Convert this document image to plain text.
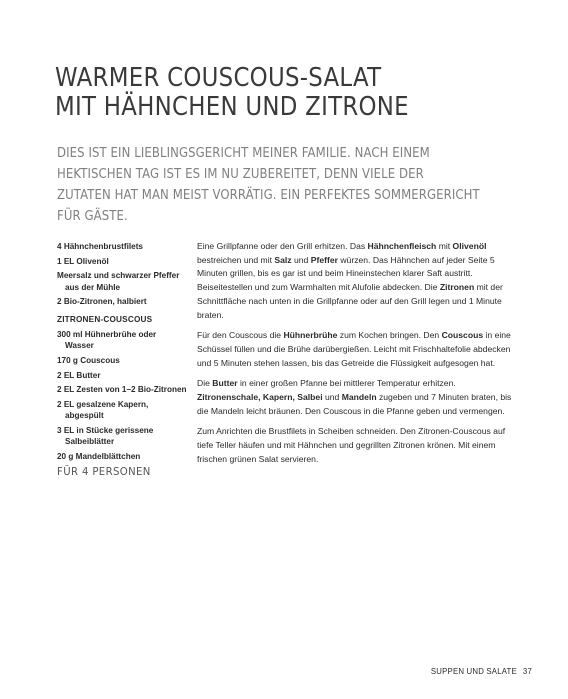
WARMER COUSCOUS-SALAT
MIT HÄHNCHEN UND ZITRONE

DIES IST EIN LIEBLINGSGERICHT MEINER FAMILIE. NACH EINEM
HEKTISCHEN TAG IST ES IM NU ZUBEREITET, DENN VIELE DER
ZUTATEN HAT MAN MEIST VORRÄTIG. EIN PERFEKTES SOMMERGERICHT
FÜR GÄSTE.

4 Hähnchenbrustfilets
1 EL Olivenöl
Meersalz und schwarzer Pfeffer aus der Mühle
2 Bio-Zitronen, halbiert
ZITRONEN-COUSCOUS
300 ml Hühnerbrühe oder Wasser
170 g Couscous
2 EL Butter
2 EL Zesten von 1–2 Bio-Zitronen
2 EL gesalzene Kapern, abgespült
3 EL in Stücke gerissene Salbeiblätter
20 g Mandelblättchen
FÜR 4 PERSONEN

Eine Grillpfanne oder den Grill erhitzen. Das Hähnchenfleisch mit Olivenöl bestreichen und mit Salz und Pfeffer würzen. Das Hähnchen auf jeder Seite 5 Minuten grillen, bis es gar ist und beim Hineinstechen klarer Saft austritt. Beiseitestellen und zum Warmhalten mit Alufolie abdecken. Die Zitronen mit der Schnittfläche nach unten in die Grillpfanne oder auf den Grill legen und 1 Minute braten.

Für den Couscous die Hühnerbrühe zum Kochen bringen. Den Couscous in eine Schüssel füllen und die Brühe darübergießen. Leicht mit Frischhaltefolie abdecken und 5 Minuten stehen lassen, bis das Getreide die Flüssigkeit aufgesogen hat.

Die Butter in einer großen Pfanne bei mittlerer Temperatur erhitzen. Zitronenschale, Kapern, Salbei und Mandeln zugeben und 7 Minuten braten, bis die Mandeln leicht bräunen. Den Couscous in die Pfanne geben und vermengen.

Zum Anrichten die Brustfilets in Scheiben schneiden. Den Zitronen-Couscous auf tiefe Teller häufen und mit Hähnchen und gegrillten Zitronen krönen. Mit einem frischen grünen Salat servieren.

SUPPEN UND SALATE 37
